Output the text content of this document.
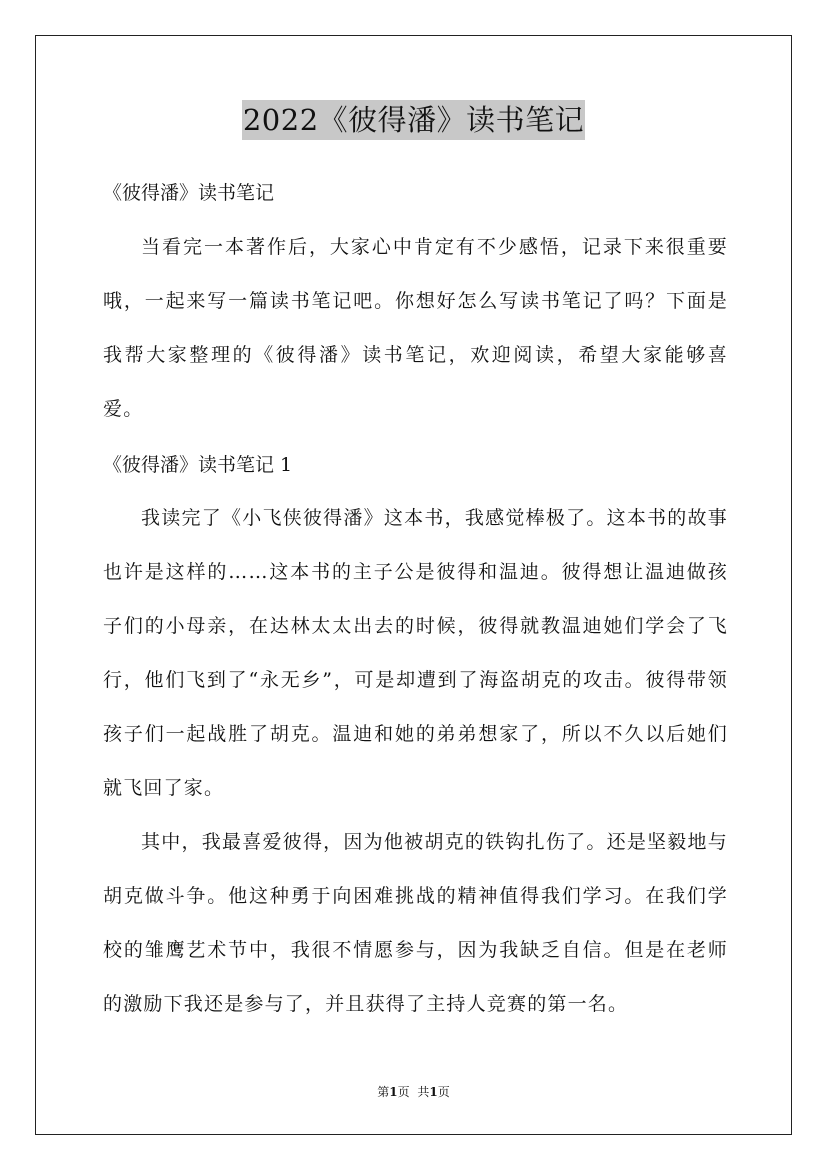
2022《彼得潘》读书笔记

《彼得潘》读书笔记

当看完一本著作后，大家心中肯定有不少感悟，记录下来很重要哦，一起来写一篇读书笔记吧。你想好怎么写读书笔记了吗？下面是我帮大家整理的《彼得潘》读书笔记，欢迎阅读，希望大家能够喜爱。

《彼得潘》读书笔记 1

我读完了《小飞侠彼得潘》这本书，我感觉棒极了。这本书的故事也许是这样的……这本书的主子公是彼得和温迪。彼得想让温迪做孩子们的小母亲，在达林太太出去的时候，彼得就教温迪她们学会了飞行，他们飞到了“永无乡”，可是却遭到了海盗胡克的攻击。彼得带领孩子们一起战胜了胡克。温迪和她的弟弟想家了，所以不久以后她们就飞回了家。

其中，我最喜爱彼得，因为他被胡克的铁钩扎伤了。还是坚毅地与胡克做斗争。他这种勇于向困难挑战的精神值得我们学习。在我们学校的雏鹰艺术节中，我很不情愿参与，因为我缺乏自信。但是在老师的激励下我还是参与了，并且获得了主持人竞赛的第一名。

第1页 共1页
